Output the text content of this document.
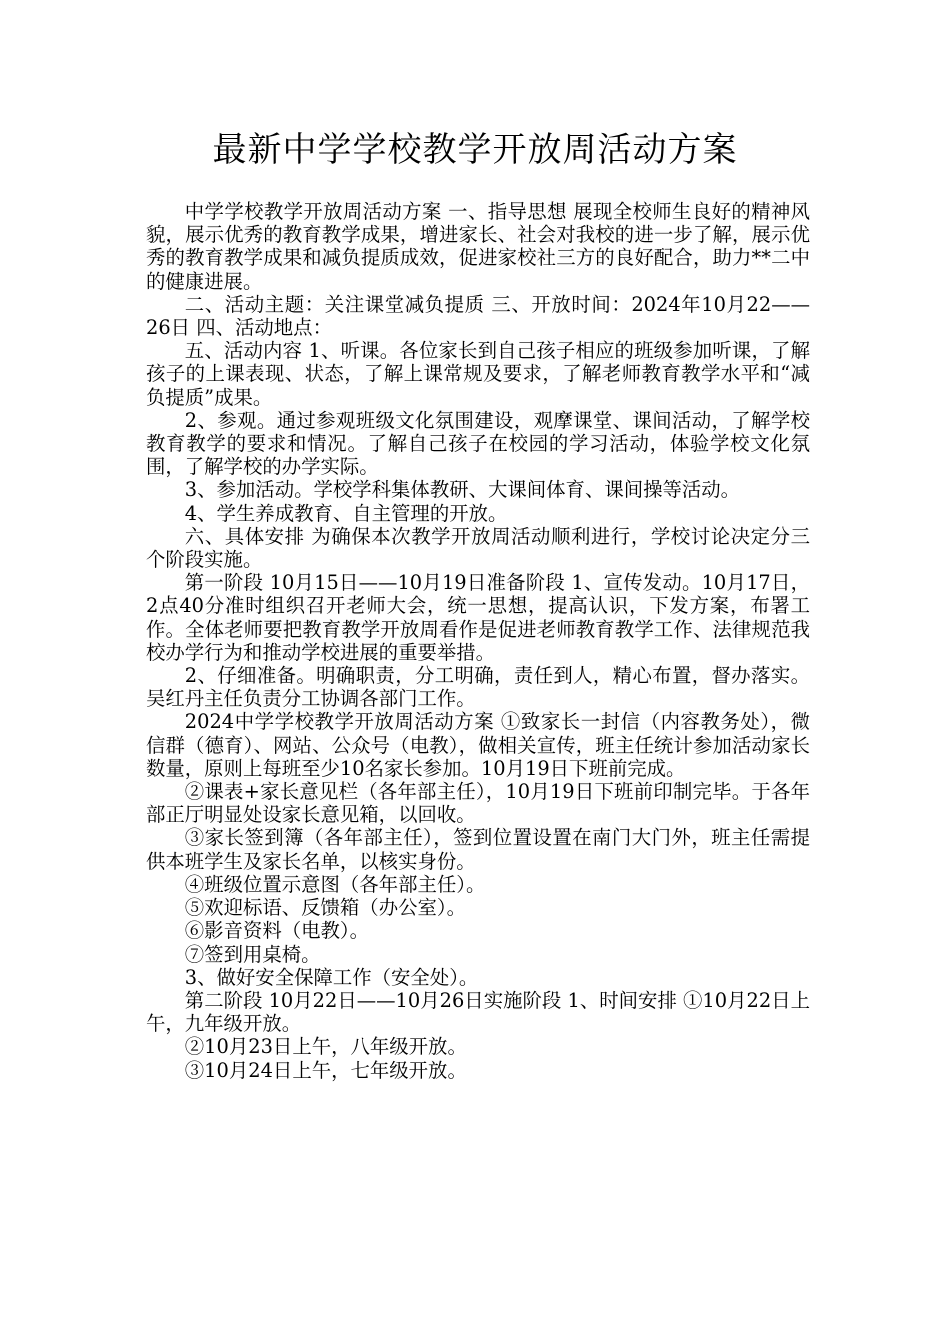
最新中学学校教学开放周活动方案

中学学校教学开放周活动方案 一、指导思想 展现全校师生良好的精神风貌，展示优秀的教育教学成果，增进家长、社会对我校的进一步了解，展示优秀的教育教学成果和减负提质成效，促进家校社三方的良好配合，助力**二中的健康进展。

二、活动主题：关注课堂减负提质 三、开放时间：2024年10月22——26日 四、活动地点：

五、活动内容 1、听课。各位家长到自己孩子相应的班级参加听课，了解孩子的上课表现、状态，了解上课常规及要求，了解老师教育教学水平和“减负提质”成果。

2、参观。通过参观班级文化氛围建设，观摩课堂、课间活动，了解学校教育教学的要求和情况。了解自己孩子在校园的学习活动，体验学校文化氛围，了解学校的办学实际。

3、参加活动。学校学科集体教研、大课间体育、课间操等活动。

4、学生养成教育、自主管理的开放。

六、具体安排 为确保本次教学开放周活动顺利进行，学校讨论决定分三个阶段实施。

第一阶段 10月15日——10月19日准备阶段 1、宣传发动。10月17日，2点40分准时组织召开老师大会，统一思想，提高认识，下发方案，布署工作。全体老师要把教育教学开放周看作是促进老师教育教学工作、法律规范我校办学行为和推动学校进展的重要举措。

2、仔细准备。明确职责，分工明确，责任到人，精心布置，督办落实。吴红丹主任负责分工协调各部门工作。

2024中学学校教学开放周活动方案 ①致家长一封信（内容教务处），微信群（德育）、网站、公众号（电教），做相关宣传，班主任统计参加活动家长数量，原则上每班至少10名家长参加。10月19日下班前完成。

②课表+家长意见栏（各年部主任），10月19日下班前印制完毕。于各年部正厅明显处设家长意见箱，以回收。

③家长签到簿（各年部主任），签到位置设置在南门大门外，班主任需提供本班学生及家长名单，以核实身份。

④班级位置示意图（各年部主任）。

⑤欢迎标语、反馈箱（办公室）。

⑥影音资料（电教）。

⑦签到用桌椅。

3、做好安全保障工作（安全处）。

第二阶段 10月22日——10月26日实施阶段 1、时间安排 ①10月22日上午，九年级开放。

②10月23日上午，八年级开放。

③10月24日上午，七年级开放。
